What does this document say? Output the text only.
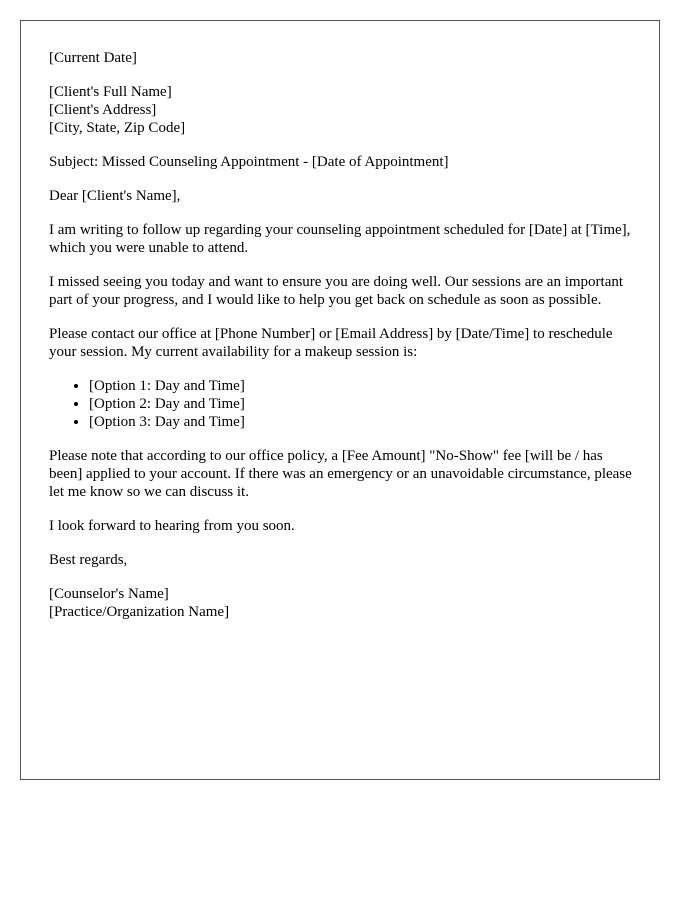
[Current Date]

[Client's Full Name]
[Client's Address]
[City, State, Zip Code]

Subject: Missed Counseling Appointment - [Date of Appointment]

Dear [Client's Name],

I am writing to follow up regarding your counseling appointment scheduled for [Date] at [Time], which you were unable to attend.

I missed seeing you today and want to ensure you are doing well. Our sessions are an important part of your progress, and I would like to help you get back on schedule as soon as possible.

Please contact our office at [Phone Number] or [Email Address] by [Date/Time] to reschedule your session. My current availability for a makeup session is:

• [Option 1: Day and Time]
• [Option 2: Day and Time]
• [Option 3: Day and Time]

Please note that according to our office policy, a [Fee Amount] "No-Show" fee [will be / has been] applied to your account. If there was an emergency or an unavoidable circumstance, please let me know so we can discuss it.

I look forward to hearing from you soon.

Best regards,

[Counselor's Name]
[Practice/Organization Name]
